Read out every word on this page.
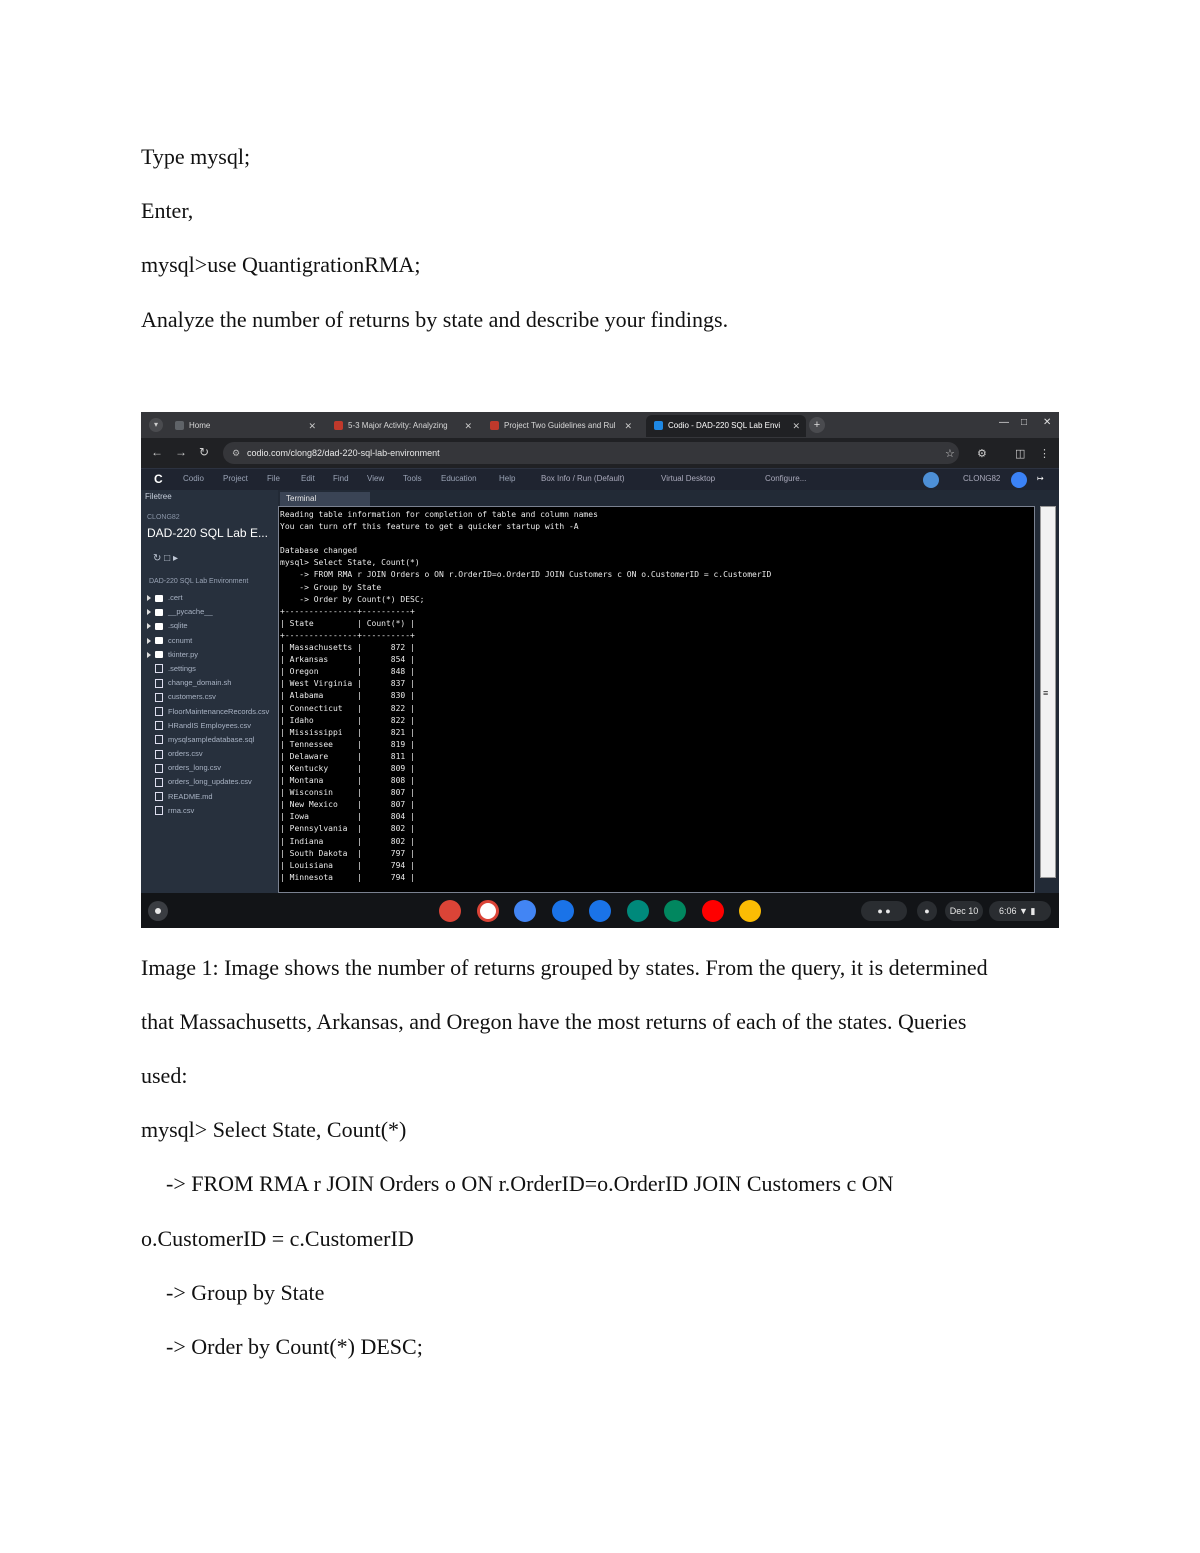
Type mysql;
Enter,
mysql>use QuantigrationRMA;
Analyze the number of returns by state and describe your findings.
▾	Home	✕	5-3 Major Activity: Analyzing ✕	Project Two Guidelines and Rul ✕	Codio - DAD-220 SQL Lab Envi ✕	+	— □ ✕
← → ↻	⚙ codio.com/clong82/dad-220-sql-lab-environment	☆ ⚙	◫ ⋮
C	Codio Project File	Edit Find View Tools Education	Help	Box Info / Run (Default)	Virtual Desktop	Configure...	CLONG82	↦
Filetree
CLONG82
DAD-220 SQL Lab E...
↻ □ ▸
DAD-220 SQL Lab Environment
.cert
__pycache__
.sqlite
ccnumt
tkinter.py
.settings
change_domain.sh
customers.csv
FloorMaintenanceRecords.csv
HRandIS Employees.csv
mysqlsampledatabase.sql
orders.csv
orders_long.csv
orders_long_updates.csv
README.md
rma.csv
Terminal
Reading table information for completion of table and column names
You can turn off this feature to get a quicker startup with -A

Database changed
mysql> Select State, Count(*)
-> FROM RMA r JOIN Orders o ON r.OrderID=o.OrderID JOIN Customers c ON o.CustomerID = c.CustomerID
-> Group by State
-> Order by Count(*) DESC;
+---------------+----------+
| State         | Count(*) |
+---------------+----------+
| Massachusetts |      872 |
| Arkansas      |      854 |
| Oregon        |      848 |
| West Virginia |      837 |
| Alabama       |      830 |
| Connecticut   |      822 |
| Idaho         |      822 |
| Mississippi   |      821 |
| Tennessee     |      819 |
| Delaware      |      811 |
| Kentucky      |      809 |
| Montana       |      808 |
| Wisconsin     |      807 |
| New Mexico    |      807 |
| Iowa          |      804 |
| Pennsylvania  |      802 |
| Indiana       |      802 |
| South Dakota  |      797 |
| Louisiana     |      794 |
| Minnesota     |      794 |
≡
● ●	●	Dec 10	6:06 ▼ ▮
Image 1: Image shows the number of returns grouped by states. From the query, it is determined
that Massachusetts, Arkansas, and Oregon have the most returns of each of the states. Queries
used:
mysql> Select State, Count(*)
-> FROM RMA r JOIN Orders o ON r.OrderID=o.OrderID JOIN Customers c ON
o.CustomerID = c.CustomerID
-> Group by State
-> Order by Count(*) DESC;
